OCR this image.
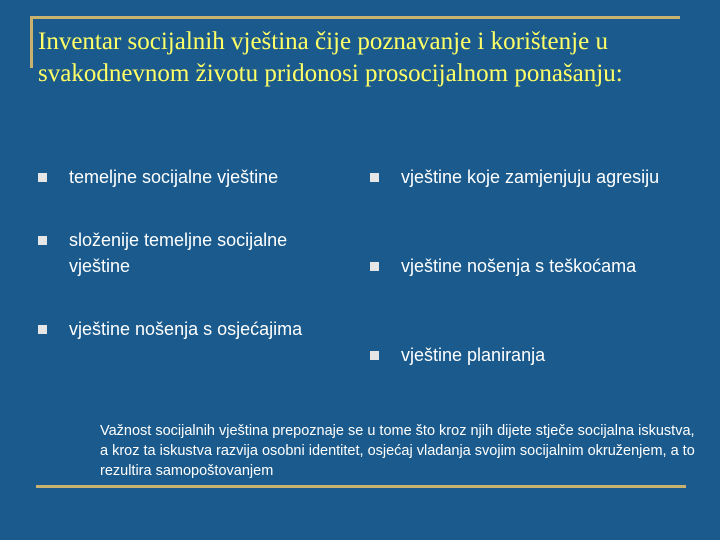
Inventar socijalnih vještina čije poznavanje i korištenje u svakodnevnom životu pridonosi prosocijalnom ponašanju:
temeljne socijalne vještine
složenije temeljne socijalne vještine
vještine nošenja s osjećajima
vještine koje zamjenjuju agresiju
vještine nošenja s teškoćama
vještine planiranja

Važnost socijalnih vještina prepoznaje se u tome što kroz njih dijete stječe socijalna iskustva, a kroz ta iskustva razvija osobni identitet, osjećaj vladanja svojim socijalnim okruženjem, a to rezultira samopoštovanjem
